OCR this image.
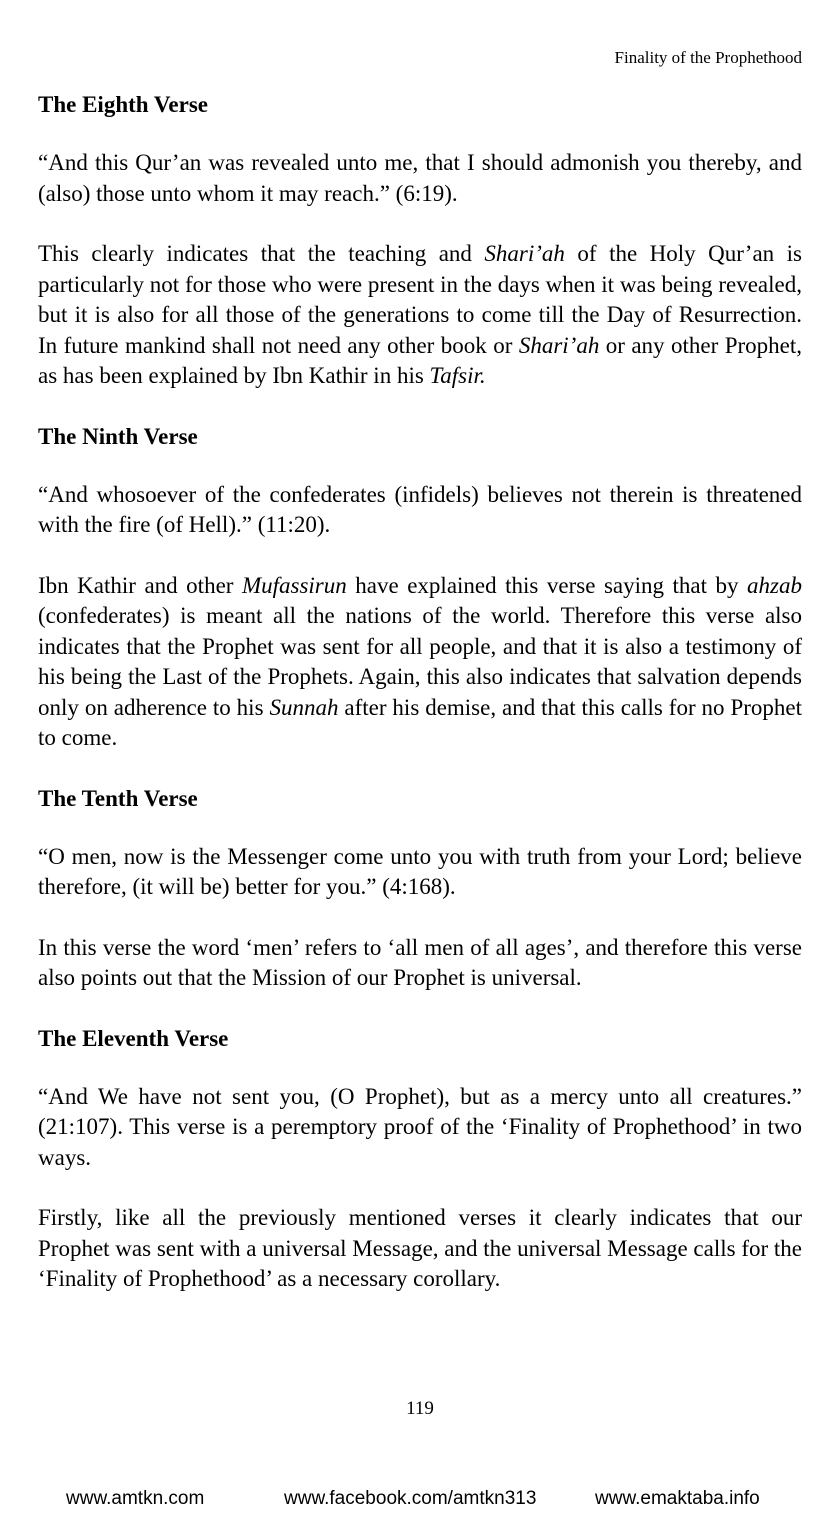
Finality of the Prophethood
The Eighth Verse
“And this Qur’an was revealed unto me, that I should admonish you thereby, and (also) those unto whom it may reach.” (6:19).
This clearly indicates that the teaching and Shari’ah of the Holy Qur’an is particularly not for those who were present in the days when it was being revealed, but it is also for all those of the generations to come till the Day of Resurrection. In future mankind shall not need any other book or Shari’ah or any other Prophet, as has been explained by Ibn Kathir in his Tafsir.
The Ninth Verse
“And whosoever of the confederates (infidels) believes not therein is threatened with the fire (of Hell).” (11:20).
Ibn Kathir and other Mufassirun have explained this verse saying that by ahzab (confederates) is meant all the nations of the world. Therefore this verse also indicates that the Prophet was sent for all people, and that it is also a testimony of his being the Last of the Prophets. Again, this also indicates that salvation depends only on adherence to his Sunnah after his demise, and that this calls for no Prophet to come.
The Tenth Verse
“O men, now is the Messenger come unto you with truth from your Lord; believe therefore, (it will be) better for you.” (4:168).
In this verse the word ‘men’ refers to ‘all men of all ages’, and therefore this verse also points out that the Mission of our Prophet is universal.
The Eleventh Verse
“And We have not sent you, (O Prophet), but as a mercy unto all creatures.” (21:107). This verse is a peremptory proof of the ‘Finality of Prophethood’ in two ways.
Firstly, like all the previously mentioned verses it clearly indicates that our Prophet was sent with a universal Message, and the universal Message calls for the ‘Finality of Prophethood’ as a necessary corollary.
119
www.amtkn.com	www.facebook.com/amtkn313	www.emaktaba.info
